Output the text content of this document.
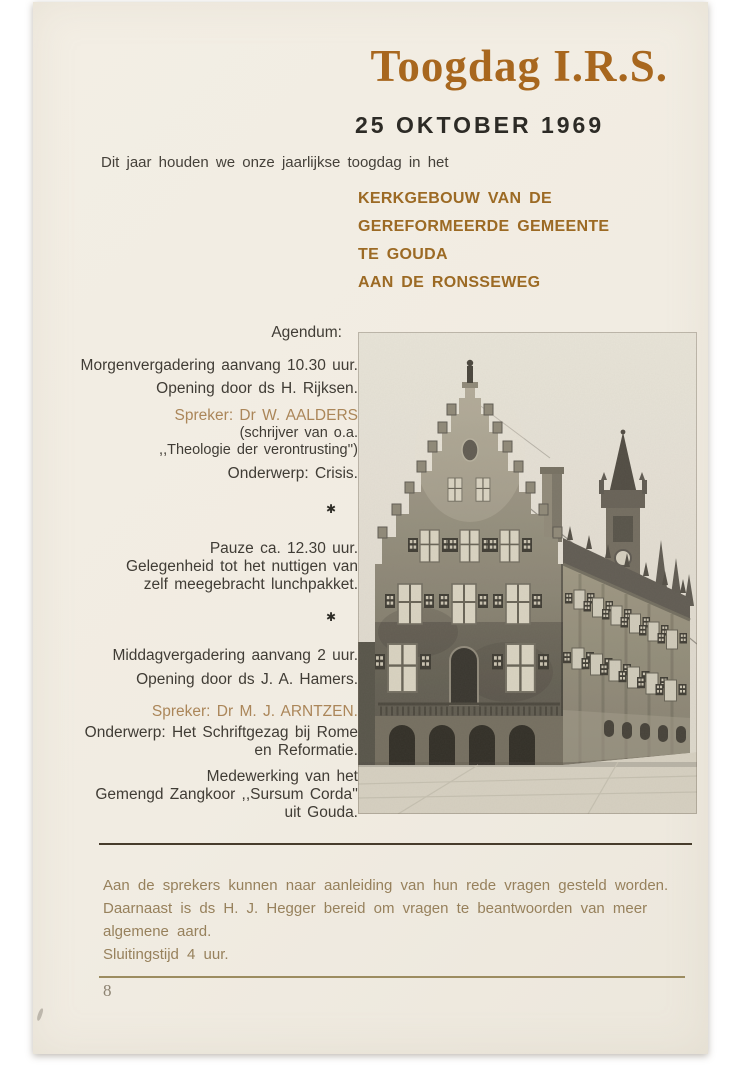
Toogdag I.R.S.
25 OKTOBER 1969
Dit jaar houden we onze jaarlijkse toogdag in het
KERKGEBOUW VAN DE
GEREFORMEERDE GEMEENTE
TE GOUDA
AAN DE RONSSEWEG
Agendum:
Morgenvergadering aanvang 10.30 uur.
Opening door ds H. Rijksen.
Spreker: Dr W. AALDERS
(schrijver van o.a.
,,Theologie der verontrusting'')
Onderwerp: Crisis.
✱
Pauze ca. 12.30 uur.
Gelegenheid tot het nuttigen van
zelf meegebracht lunchpakket.
✱
Middagvergadering aanvang 2 uur.
Opening door ds J. A. Hamers.
Spreker: Dr M. J. ARNTZEN.
Onderwerp: Het Schriftgezag bij Rome
en Reformatie.
Medewerking van het
Gemengd Zangkoor ,,Sursum Corda''
uit Gouda.
Aan de sprekers kunnen naar aanleiding van hun rede vragen gesteld worden.
Daarnaast is ds H. J. Hegger bereid om vragen te beantwoorden van meer
algemene aard.
Sluitingstijd 4 uur.
8
